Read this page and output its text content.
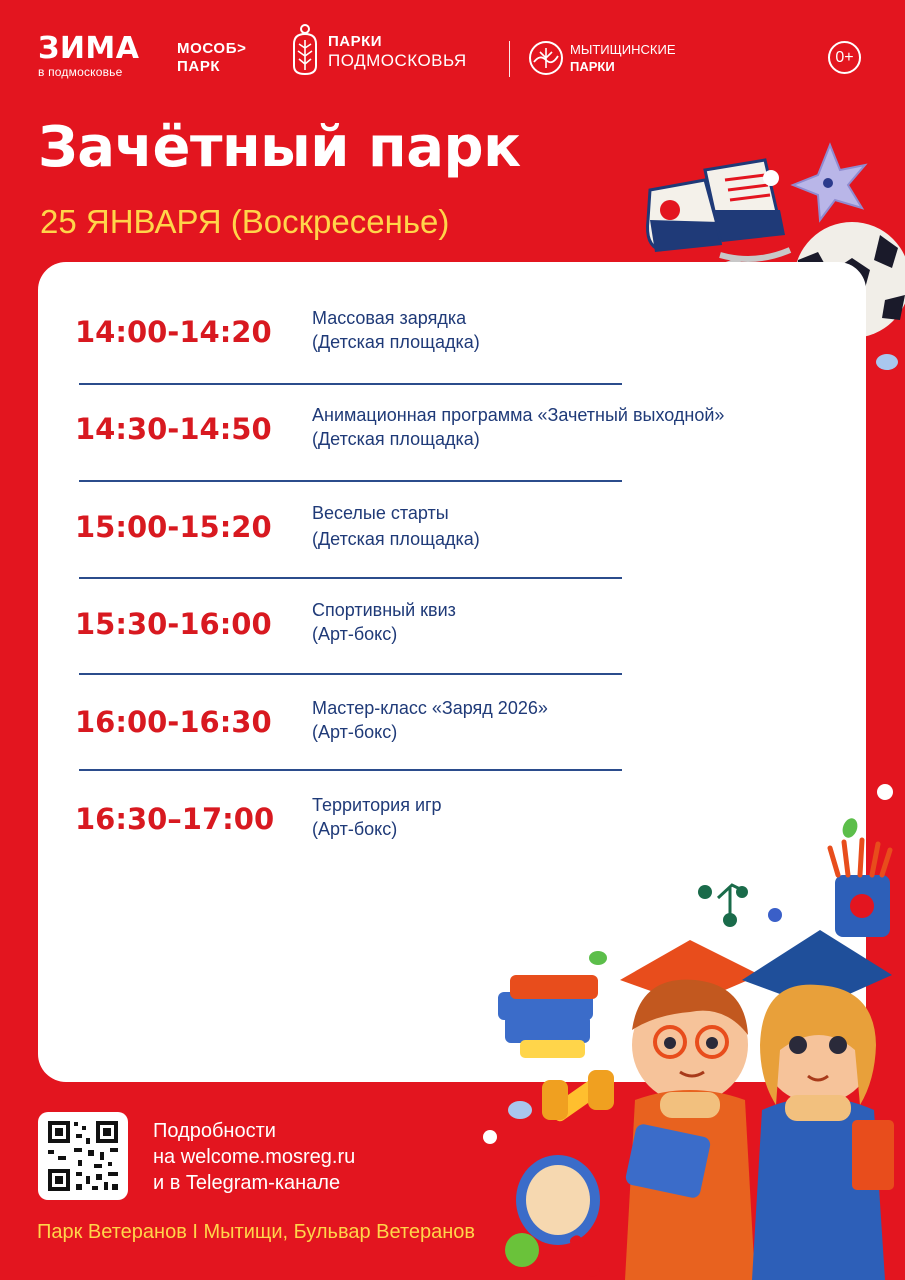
ЗИМА
в подмосковье
МОСОБ>
ПАРК
ПАРКИ
ПОДМОСКОВЬЯ
МЫТИЩИНСКИЕ
ПАРКИ
0+
Зачётный парк
25 ЯНВАРЯ (Воскресенье)
14:00-14:20 Массовая зарядка
(Детская площадка)
14:30-14:50 Анимационная программа «Зачетный выходной»
(Детская площадка)
15:00-15:20 Веселые старты
(Детская площадка)
15:30-16:00 Спортивный квиз
(Арт-бокс)
16:00-16:30 Мастер-класс «Заряд 2026»
(Арт-бокс)
16:30–17:00 Территория игр
(Арт-бокс)
Подробности
на welcome.mosreg.ru
и в Telegram-канале
Парк Ветеранов I Мытищи, Бульвар Ветеранов
